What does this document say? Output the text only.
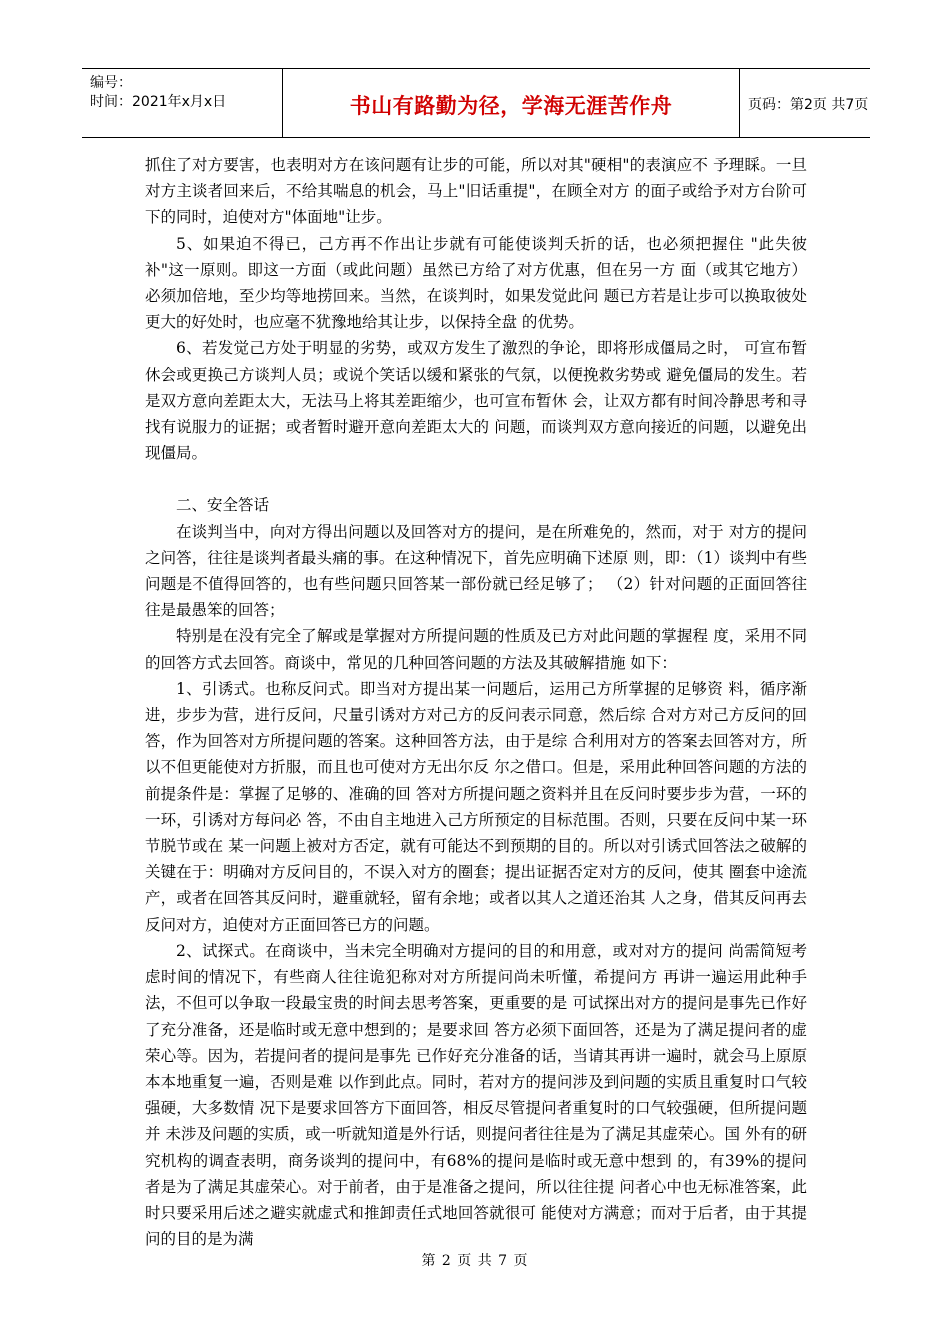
编号：
时间：2021年x月x日	书山有路勤为径，学海无涯苦作舟	页码：第2页 共7页

抓住了对方要害，也表明对方在该问题有让步的可能，所以对其"硬相"的表演应不 予理睬。一旦对方主谈者回来后，不给其喘息的机会，马上"旧话重提"，在顾全对方 的面子或给予对方台阶可下的同时，迫使对方"体面地"让步。

5、如果迫不得已，己方再不作出让步就有可能使谈判夭折的话，也必须把握住 "此失彼补"这一原则。即这一方面（或此问题）虽然已方给了对方优惠，但在另一方 面（或其它地方）必须加倍地，至少均等地捞回来。当然，在谈判时，如果发觉此问 题已方若是让步可以换取彼处更大的好处时，也应毫不犹豫地给其让步，以保持全盘 的优势。

6、若发觉己方处于明显的劣势，或双方发生了激烈的争论，即将形成僵局之时， 可宣布暂休会或更换己方谈判人员；或说个笑话以缓和紧张的气氛，以便挽救劣势或 避免僵局的发生。若是双方意向差距太大，无法马上将其差距缩少，也可宣布暂休 会，让双方都有时间冷静思考和寻找有说服力的证据；或者暂时避开意向差距太大的 问题，而谈判双方意向接近的问题，以避免出现僵局。

二、安全答话

在谈判当中，向对方得出问题以及回答对方的提问，是在所难免的，然而，对于 对方的提问之问答，往往是谈判者最头痛的事。在这种情况下，首先应明确下述原 则，即：（1）谈判中有些问题是不值得回答的，也有些问题只回答某一部份就已经足够了； （2）针对问题的正面回答往往是最愚笨的回答；

特别是在没有完全了解或是掌握对方所提问题的性质及已方对此问题的掌握程 度，采用不同的回答方式去回答。商谈中，常见的几种回答问题的方法及其破解措施 如下：

1、引诱式。也称反问式。即当对方提出某一问题后，运用己方所掌握的足够资 料，循序渐进，步步为营，进行反问，尺量引诱对方对己方的反问表示同意，然后综 合对方对己方反问的回答，作为回答对方所提问题的答案。这种回答方法，由于是综 合利用对方的答案去回答对方，所以不但更能使对方折服，而且也可使对方无出尔反 尔之借口。但是，采用此种回答问题的方法的前提条件是：掌握了足够的、准确的回 答对方所提问题之资料并且在反问时要步步为营，一环的一环，引诱对方每问必 答，不由自主地进入己方所预定的目标范围。否则，只要在反问中某一环节脱节或在 某一问题上被对方否定，就有可能达不到预期的目的。所以对引诱式回答法之破解的 关键在于：明确对方反问目的，不误入对方的圈套；提出证据否定对方的反问，使其 圈套中途流产，或者在回答其反问时，避重就轻，留有余地；或者以其人之道还治其 人之身，借其反问再去反问对方，迫使对方正面回答已方的问题。

2、试探式。在商谈中，当未完全明确对方提问的目的和用意，或对对方的提问 尚需简短考虑时间的情况下，有些商人往往诡犯称对对方所提问尚未听懂，希提问方 再讲一遍运用此种手法，不但可以争取一段最宝贵的时间去思考答案，更重要的是 可试探出对方的提问是事先已作好了充分准备，还是临时或无意中想到的；是要求回 答方必须下面回答，还是为了满足提问者的虚荣心等。因为，若提问者的提问是事先 已作好充分准备的话，当请其再讲一遍时，就会马上原原本本地重复一遍，否则是难 以作到此点。同时，若对方的提问涉及到问题的实质且重复时口气较强硬，大多数情 况下是要求回答方下面回答，相反尽管提问者重复时的口气较强硬，但所提问题并 未涉及问题的实质，或一听就知道是外行话，则提问者往往是为了满足其虚荣心。国 外有的研究机构的调查表明，商务谈判的提问中，有68%的提问是临时或无意中想到 的，有39%的提问者是为了满足其虚荣心。对于前者，由于是准备之提问，所以往往提 问者心中也无标准答案，此时只要采用后述之避实就虚式和推卸责任式地回答就很可 能使对方满意；而对于后者，由于其提问的目的是为满

第 2 页 共 7 页
